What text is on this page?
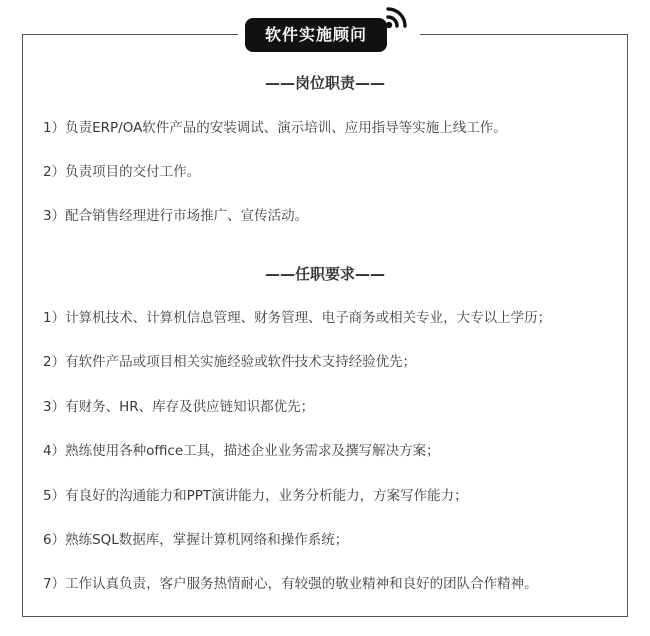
软件实施顾问
——岗位职责——
1）负责ERP/OA软件产品的安装调试、演示培训、应用指导等实施上线工作。
2）负责项目的交付工作。
3）配合销售经理进行市场推广、宣传活动。
——任职要求——
1）计算机技术、计算机信息管理、财务管理、电子商务或相关专业，大专以上学历；
2）有软件产品或项目相关实施经验或软件技术支持经验优先；
3）有财务、HR、库存及供应链知识都优先；
4）熟练使用各种office工具，描述企业业务需求及撰写解决方案；
5）有良好的沟通能力和PPT演讲能力，业务分析能力，方案写作能力；
6）熟练SQL数据库，掌握计算机网络和操作系统；
7）工作认真负责，客户服务热情耐心，有较强的敬业精神和良好的团队合作精神。
